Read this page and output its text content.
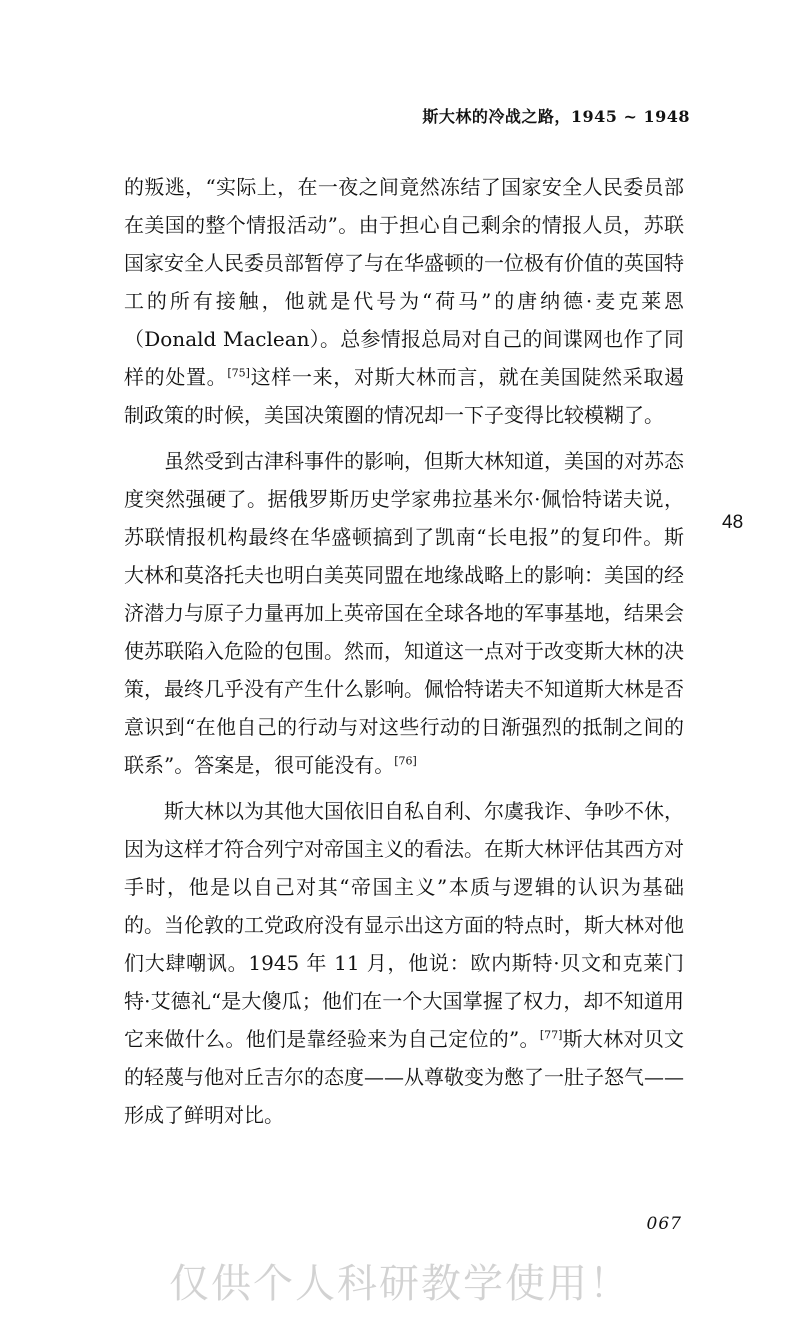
斯大林的冷战之路，1945 ~ 1948

的叛逃，“实际上，在一夜之间竟然冻结了国家安全人民委员部在美国的整个情报活动”。由于担心自己剩余的情报人员，苏联国家安全人民委员部暂停了与在华盛顿的一位极有价值的英国特工的所有接触，他就是代号为“荷马”的唐纳德·麦克莱恩（Donald Maclean）。总参情报总局对自己的间谍网也作了同样的处置。[75]这样一来，对斯大林而言，就在美国陡然采取遏制政策的时候，美国决策圈的情况却一下子变得比较模糊了。

虽然受到古津科事件的影响，但斯大林知道，美国的对苏态度突然强硬了。据俄罗斯历史学家弗拉基米尔·佩恰特诺夫说，苏联情报机构最终在华盛顿搞到了凯南“长电报”的复印件。斯大林和莫洛托夫也明白美英同盟在地缘战略上的影响：美国的经济潜力与原子力量再加上英帝国在全球各地的军事基地，结果会使苏联陷入危险的包围。然而，知道这一点对于改变斯大林的决策，最终几乎没有产生什么影响。佩恰特诺夫不知道斯大林是否意识到“在他自己的行动与对这些行动的日渐强烈的抵制之间的联系”。答案是，很可能没有。[76]

斯大林以为其他大国依旧自私自利、尔虞我诈、争吵不休，因为这样才符合列宁对帝国主义的看法。在斯大林评估其西方对手时，他是以自己对其“帝国主义”本质与逻辑的认识为基础的。当伦敦的工党政府没有显示出这方面的特点时，斯大林对他们大肆嘲讽。1945 年 11 月，他说：欧内斯特·贝文和克莱门特·艾德礼“是大傻瓜；他们在一个大国掌握了权力，却不知道用它来做什么。他们是靠经验来为自己定位的”。[77]斯大林对贝文的轻蔑与他对丘吉尔的态度——从尊敬变为憋了一肚子怒气——形成了鲜明对比。

48
067
仅供个人科研教学使用！
